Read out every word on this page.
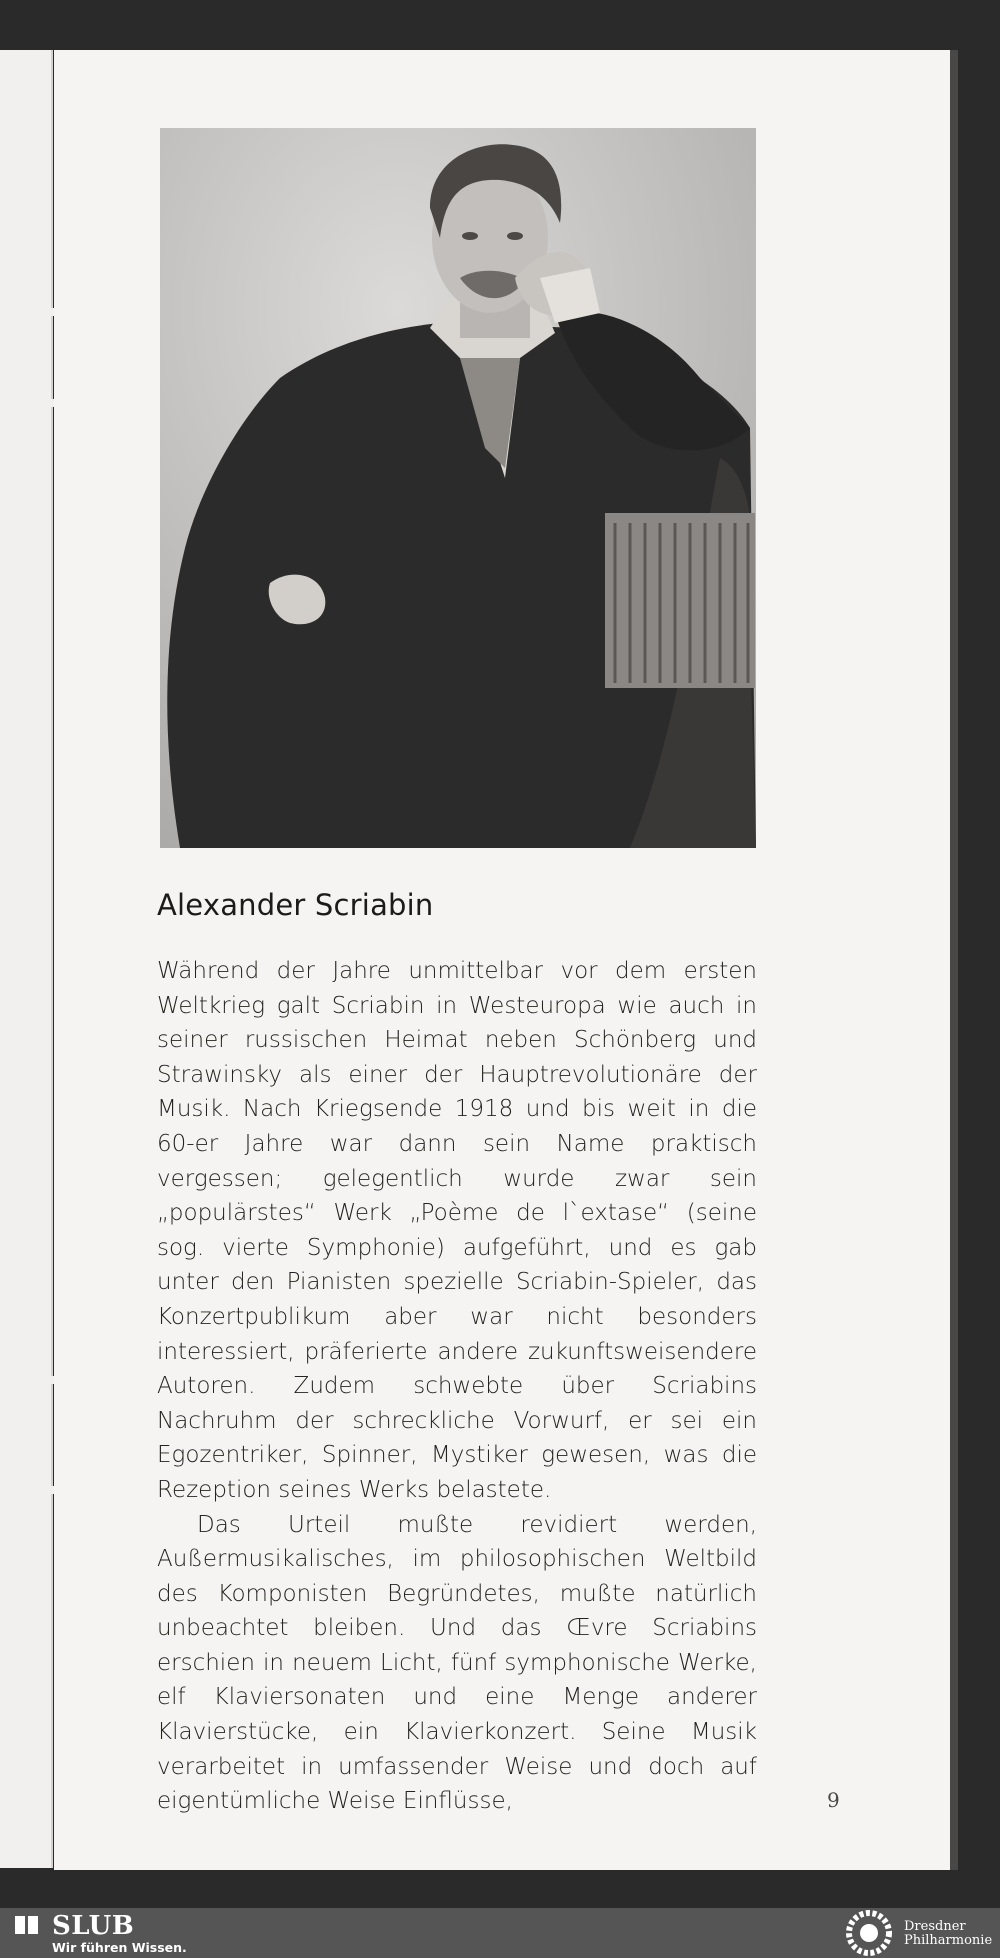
Alexander Scriabin

Während der Jahre unmittelbar vor dem ersten Weltkrieg galt Scriabin in Westeuropa wie auch in seiner russischen Heimat neben Schönberg und Strawinsky als einer der Hauptrevolutionäre der Musik. Nach Kriegsende 1918 und bis weit in die 60-er Jahre war dann sein Name praktisch vergessen; gelegentlich wurde zwar sein „populärstes“ Werk „Poème de l`extase“ (seine sog. vierte Symphonie) aufgeführt, und es gab unter den Pianisten spezielle Scriabin-Spieler, das Konzertpublikum aber war nicht besonders interessiert, präferierte andere zukunftsweisendere Autoren. Zudem schwebte über Scriabins Nachruhm der schreckliche Vorwurf, er sei ein Egozentriker, Spinner, Mystiker gewesen, was die Rezeption seines Werks belastete.

Das Urteil mußte revidiert werden, Außermusikalisches, im philosophischen Weltbild des Komponisten Begründetes, mußte natürlich unbeachtet bleiben. Und das Œvre Scriabins erschien in neuem Licht, fünf symphonische Werke, elf Klaviersonaten und eine Menge anderer Klavierstücke, ein Klavierkonzert. Seine Musik verarbeitet in umfassender Weise und doch auf eigentümliche Weise Einflüsse,	9
SLUB
Wir führen Wissen.
Dresdner
Philharmonie
